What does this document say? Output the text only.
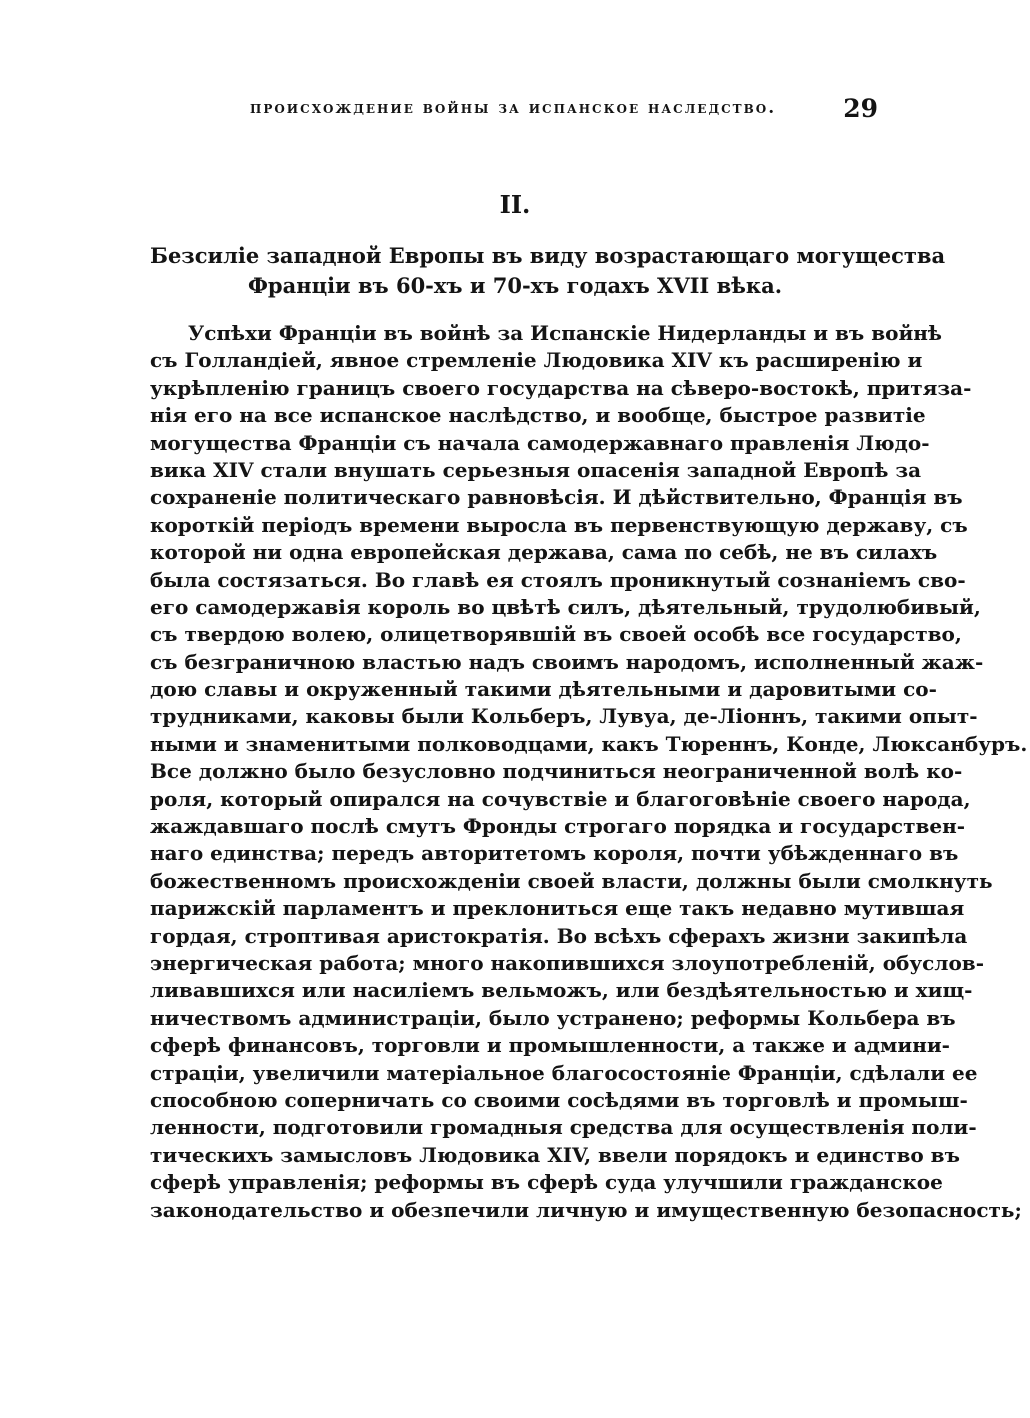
происхождение войны за испанское наследство.	29
II.
Безсиліе западной Европы въ виду возрастающаго могущества
Франціи въ 60-хъ и 70-хъ годахъ XVII вѣка.
Успѣхи Франціи въ войнѣ за Испанскіе Нидерланды и въ войнѣ
съ Голландіей, явное стремленіе Людовика XIV къ расширенію и
укрѣпленію границъ своего государства на сѣверо-востокѣ, притяза-
нія его на все испанское наслѣдство, и вообще, быстрое развитіе
могущества Франціи съ начала самодержавнаго правленія Людо-
вика XIV стали внушать серьезныя опасенія западной Европѣ за
сохраненіе политическаго равновѣсія. И дѣйствительно, Франція въ
короткій періодъ времени выросла въ первенствующую державу, съ
которой ни одна европейская держава, сама по себѣ, не въ силахъ
была состязаться. Во главѣ ея стоялъ проникнутый сознаніемъ сво-
его самодержавія король во цвѣтѣ силъ, дѣятельный, трудолюбивый,
съ твердою волею, олицетворявшій въ своей особѣ все государство,
съ безграничною властью надъ своимъ народомъ, исполненный жаж-
дою славы и окруженный такими дѣятельными и даровитыми со-
трудниками, каковы были Кольберъ, Лувуа, де-Ліоннъ, такими опыт-
ными и знаменитыми полководцами, какъ Тюреннъ, Конде, Люксанбуръ.
Все должно было безусловно подчиниться неограниченной волѣ ко-
роля, который опирался на сочувствіе и благоговѣніе своего народа,
жаждавшаго послѣ смутъ Фронды строгаго порядка и государствен-
наго единства; передъ авторитетомъ короля, почти убѣжденнаго въ
божественномъ происхожденіи своей власти, должны были смолкнуть
парижскій парламентъ и преклониться еще такъ недавно мутившая
гордая, строптивая аристократія. Во всѣхъ сферахъ жизни закипѣла
энергическая работа; много накопившихся злоупотребленій, обуслов-
ливавшихся или насиліемъ вельможъ, или бездѣятельностью и хищ-
ничествомъ администраціи, было устранено; реформы Кольбера въ
сферѣ финансовъ, торговли и промышленности, а также и админи-
страціи, увеличили матеріальное благосостояніе Франціи, сдѣлали ее
способною соперничать со своими сосѣдями въ торговлѣ и промыш-
ленности, подготовили громадныя средства для осуществленія поли-
тическихъ замысловъ Людовика XIV, ввели порядокъ и единство въ
сферѣ управленія; реформы въ сферѣ суда улучшили гражданское
законодательство и обезпечили личную и имущественную безопасность;
